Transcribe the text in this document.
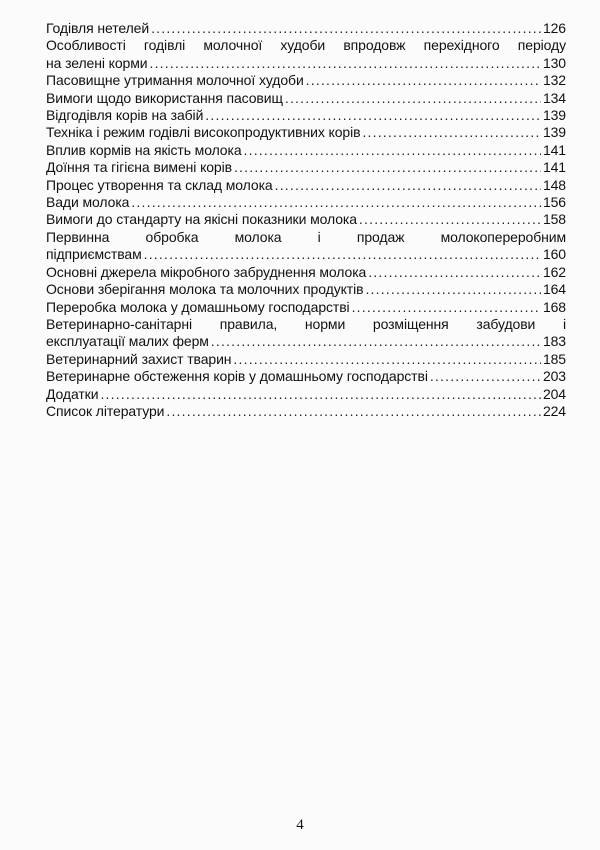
Годівля нетелей .....	126
Особливості годівлі молочної худоби впродовж перехідного періоду
на зелені корми .....	130
Пасовищне утримання молочної худоби .....	132
Вимоги щодо використання пасовищ .....	134
Відгодівля корів на забій .....	139
Техніка і режим годівлі високопродуктивних корів .....	139
Вплив кормів на якість молока .....	141
Доїння та гігієна вимені корів .....	141
Процес утворення та склад молока .....	148
Вади молока .....	156
Вимоги до стандарту на якісні показники молока .....	158
Первинна обробка молока і продаж молокопереробним
підприємствам .....	160
Основні джерела мікробного забруднення молока .....	162
Основи зберігання молока та молочних продуктів .....	164
Переробка молока у домашньому господарстві .....	168
Ветеринарно-санітарні правила, норми розміщення забудови і
експлуатації малих ферм .....	183
Ветеринарний захист тварин .....	185
Ветеринарне обстеження корів у домашньому господарстві .....	203
Додатки .....	204
Список літератури .....	224
4
